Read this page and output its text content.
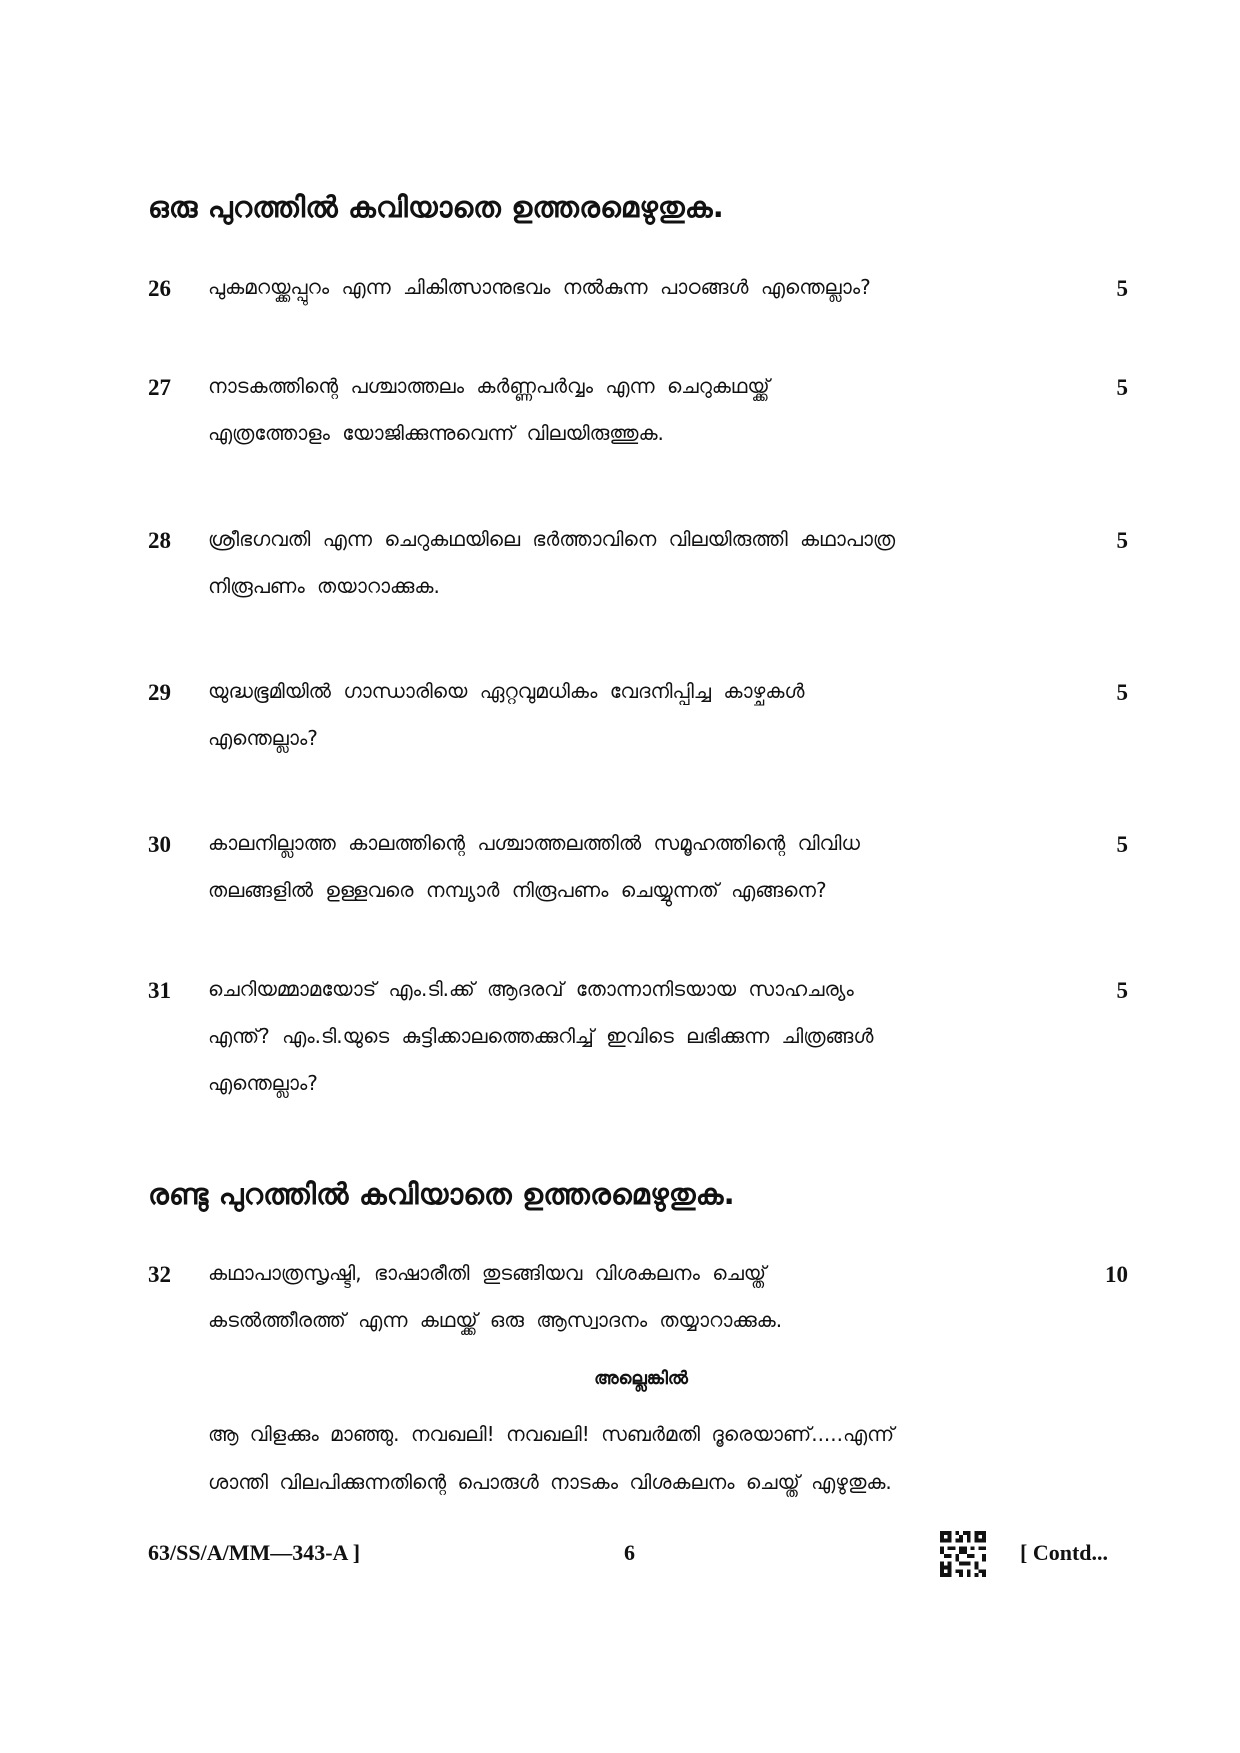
ഒരു പുറത്തിൽ കവിയാതെ ഉത്തരമെഴുതുക.
26 പുകമറയ്ക്കപ്പുറം എന്ന ചികിത്സാനുഭവം നൽകുന്ന പാഠങ്ങൾ എന്തെല്ലാം?	5
27 നാടകത്തിന്റെ പശ്ചാത്തലം കർണ്ണപർവ്വം എന്ന ചെറുകഥയ്ക്ക്
എത്രത്തോളം യോജിക്കുന്നുവെന്ന് വിലയിരുത്തുക.
5
28 ശ്രീഭഗവതി എന്ന ചെറുകഥയിലെ ഭർത്താവിനെ വിലയിരുത്തി കഥാപാത്ര
നിരൂപണം തയാറാക്കുക.
5
29 യുദ്ധഭൂമിയിൽ ഗാന്ധാരിയെ ഏറ്റവുമധികം വേദനിപ്പിച്ച കാഴ്ചകൾ
എന്തെല്ലാം?
5
30 കാലനില്ലാത്ത കാലത്തിന്റെ പശ്ചാത്തലത്തിൽ സമൂഹത്തിന്റെ വിവിധ
തലങ്ങളിൽ ഉള്ളവരെ നമ്പ്യാർ നിരൂപണം ചെയ്യുന്നത് എങ്ങനെ?
5
31 ചെറിയമ്മാമയോട് എം.ടി.ക്ക് ആദരവ് തോന്നാനിടയായ സാഹചര്യം
എന്ത്? എം.ടി.യുടെ കുട്ടിക്കാലത്തെക്കുറിച്ച് ഇവിടെ ലഭിക്കുന്ന ചിത്രങ്ങൾ
എന്തെല്ലാം?
5
രണ്ടു പുറത്തിൽ കവിയാതെ ഉത്തരമെഴുതുക.
32 കഥാപാത്രസൃഷ്ടി, ഭാഷാരീതി തുടങ്ങിയവ വിശകലനം ചെയ്ത്
കടൽത്തീരത്ത് എന്ന കഥയ്ക്ക് ഒരു ആസ്വാദനം തയ്യാറാക്കുക.
10
അല്ലെങ്കിൽ
ആ വിളക്കും മാഞ്ഞു. നവഖലി! നവഖലി! സബർമതി ദൂരെയാണ്.....എന്ന്
ശാന്തി വിലപിക്കുന്നതിന്റെ പൊരുൾ നാടകം വിശകലനം ചെയ്ത് എഴുതുക.
63/SS/A/MM—343-A ]	6	[ Contd...
